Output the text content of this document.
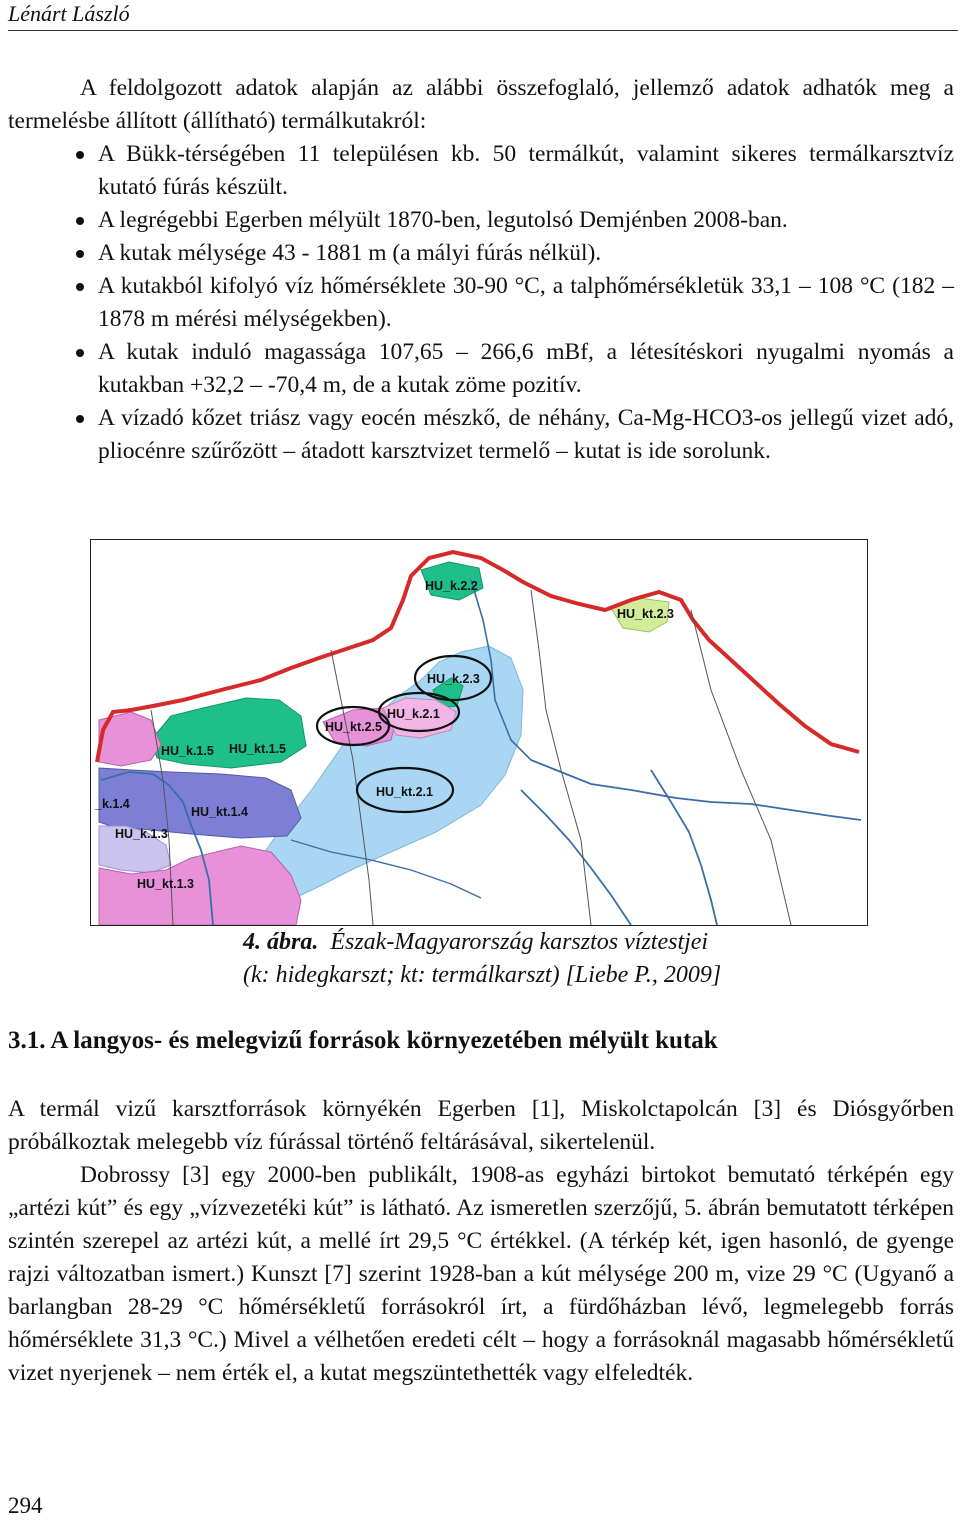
Lénárt László

A feldolgozott adatok alapján az alábbi összefoglaló, jellemző adatok adhatók meg a termelésbe állított (állítható) termálkutakról:

A Bükk-térségében 11 településen kb. 50 termálkút, valamint sikeres termálkarsztvíz kutató fúrás készült.
A legrégebbi Egerben mélyült 1870-ben, legutolsó Demjénben 2008-ban.
A kutak mélysége 43 - 1881 m (a mályi fúrás nélkül).
A kutakból kifolyó víz hőmérséklete 30-90 °C, a talphőmérsékletük 33,1 – 108 °C (182 – 1878 m mérési mélységekben).
A kutak induló magassága 107,65 – 266,6 mBf, a létesítéskori nyugalmi nyomás a kutakban +32,2 – -70,4 m, de a kutak zöme pozitív.
A vízadó kőzet triász vagy eocén mészkő, de néhány, Ca-Mg-HCO3-os jellegű vizet adó, pliocénre szűrőzött – átadott karsztvizet termelő – kutat is ide sorolunk.
HU_k.2.2
HU_kt.2.3
HU_k.2.3
HU_k.2.1
HU_kt.2.5
HU_k.1.5 HU_kt.1.5
_k.1.4
HU_kt.1.4
HU_k.1.3
HU_kt.2.1
HU_kt.1.3
4. ábra. Észak-Magyarország karsztos víztestjei
(k: hidegkarszt; kt: termálkarszt) [Liebe P., 2009]
3.1. A langyos- és melegvizű források környezetében mélyült kutak

A termál vizű karsztforrások környékén Egerben [1], Miskolctapolcán [3] és Diósgyőrben próbálkoztak melegebb víz fúrással történő feltárásával, sikertelenül.

Dobrossy [3] egy 2000-ben publikált, 1908-as egyházi birtokot bemutató térképén egy „artézi kút” és egy „vízvezetéki kút” is látható. Az ismeretlen szerzőjű, 5. ábrán bemutatott térképen szintén szerepel az artézi kút, a mellé írt 29,5 °C értékkel. (A térkép két, igen hasonló, de gyenge rajzi változatban ismert.) Kunszt [7] szerint 1928-ban a kút mélysége 200 m, vize 29 °C (Ugyanő a barlangban 28-29 °C hőmérsékletű forrásokról írt, a fürdőházban lévő, legmelegebb forrás hőmérséklete 31,3 °C.) Mivel a vélhetően eredeti célt – hogy a forrásoknál magasabb hőmérsékletű vizet nyerjenek – nem érték el, a kutat megszüntethették vagy elfeledték.

294
